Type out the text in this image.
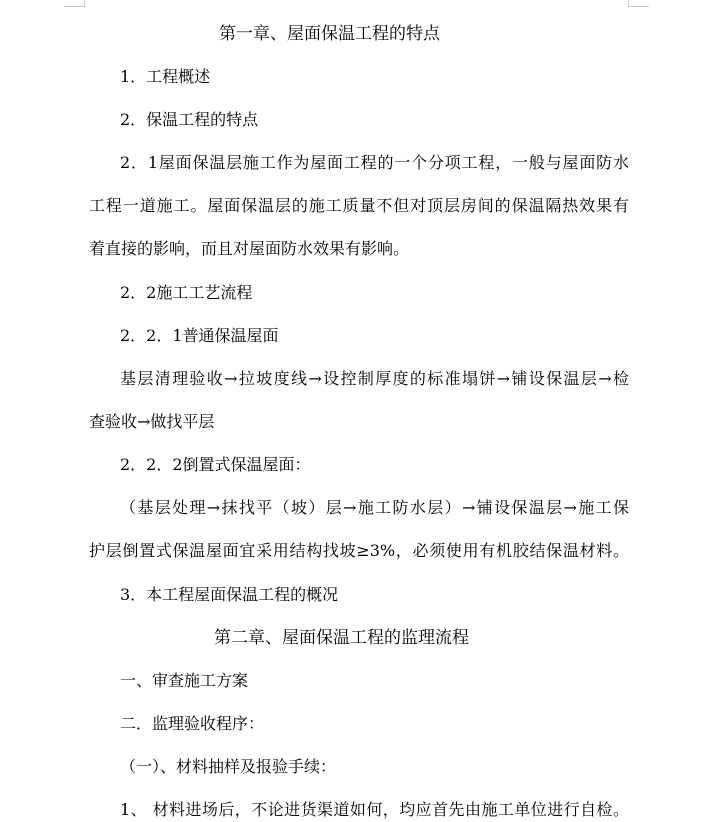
第一章、屋面保温工程的特点
1．工程概述
2．保温工程的特点
2．1屋面保温层施工作为屋面工程的一个分项工程，一般与屋面防水
工程一道施工。屋面保温层的施工质量不但对顶层房间的保温隔热效果有
着直接的影响，而且对屋面防水效果有影响。
2．2施工工艺流程
2．2．1普通保温屋面
基层清理验收→拉坡度线→设控制厚度的标准塌饼→铺设保温层→检
查验收→做找平层
2．2．2倒置式保温屋面：
（基层处理→抹找平（坡）层→施工防水层）→铺设保温层→施工保
护层倒置式保温屋面宜采用结构找坡≥3%，必须使用有机胶结保温材料。
3．本工程屋面保温工程的概况
第二章、屋面保温工程的监理流程
一、审查施工方案
二．监理验收程序：
（一）、材料抽样及报验手续：
1、 材料进场后，不论进货渠道如何，均应首先由施工单位进行自检。
